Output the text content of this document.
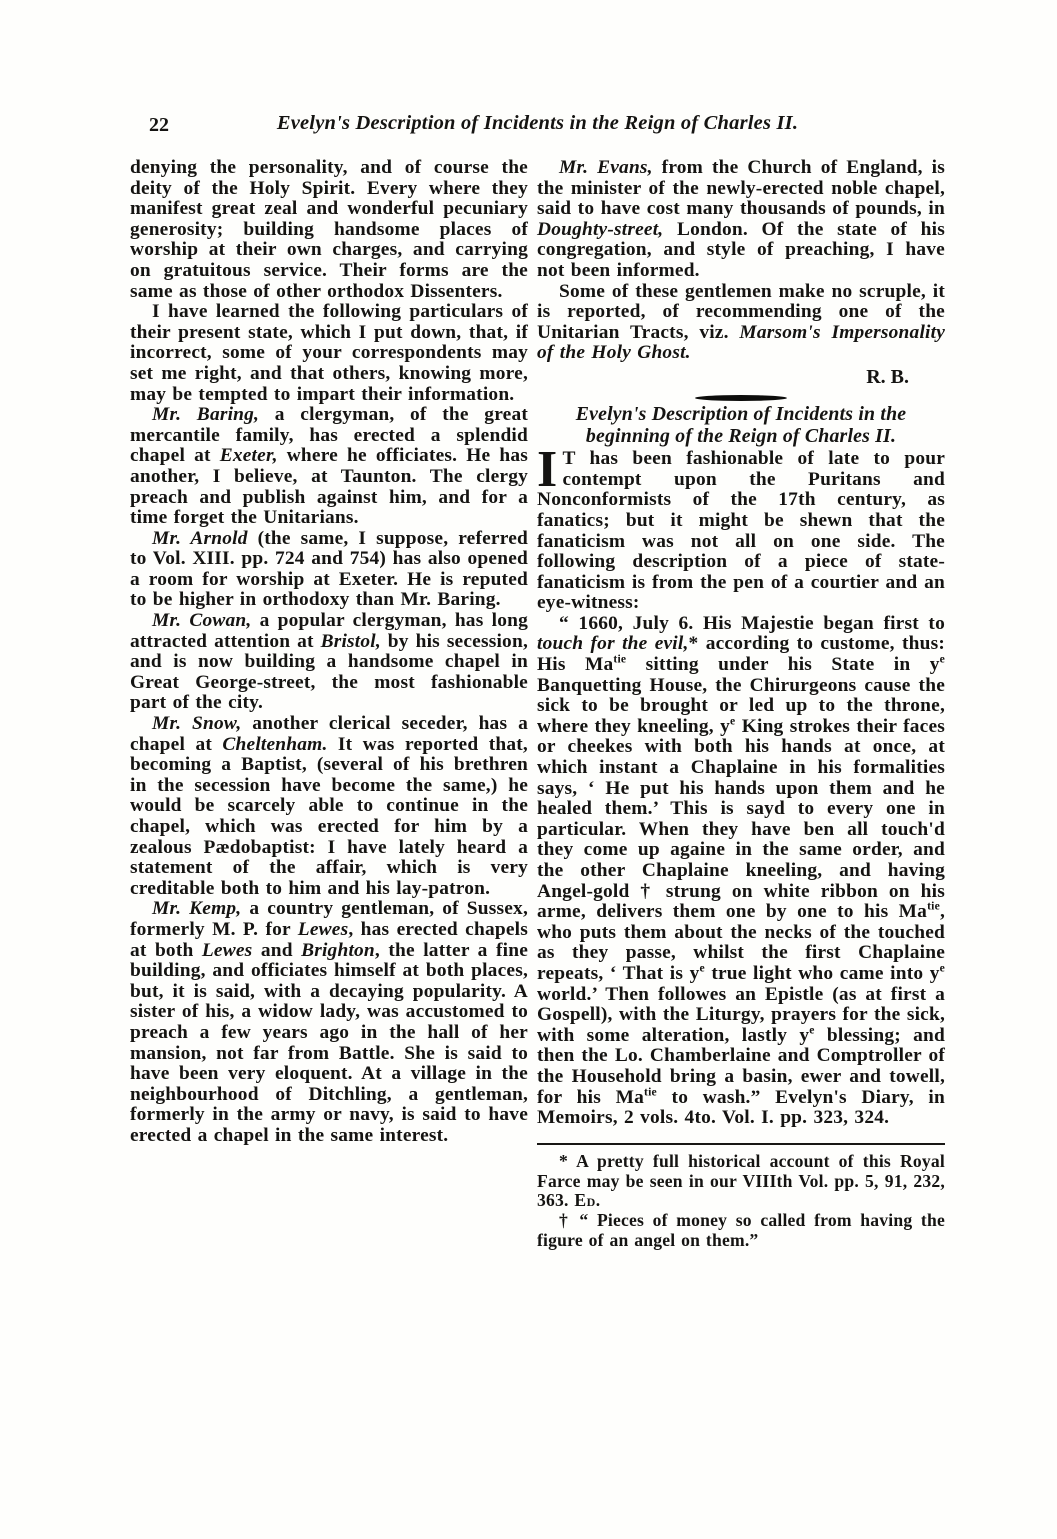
22	Evelyn's Description of Incidents in the Reign of Charles II.

denying the personality, and of course the deity of the Holy Spirit. Every where they manifest great zeal and wonderful pecuniary generosity; building handsome places of worship at their own charges, and carrying on gratuitous service. Their forms are the same as those of other orthodox Dissenters.

I have learned the following particulars of their present state, which I put down, that, if incorrect, some of your correspondents may set me right, and that others, knowing more, may be tempted to impart their information.

Mr. Baring, a clergyman, of the great mercantile family, has erected a splendid chapel at Exeter, where he officiates. He has another, I believe, at Taunton. The clergy preach and publish against him, and for a time forget the Unitarians.

Mr. Arnold (the same, I suppose, referred to Vol. XIII. pp. 724 and 754) has also opened a room for worship at Exeter. He is reputed to be higher in orthodoxy than Mr. Baring.

Mr. Cowan, a popular clergyman, has long attracted attention at Bristol, by his secession, and is now building a handsome chapel in Great George-street, the most fashionable part of the city.

Mr. Snow, another clerical seceder, has a chapel at Cheltenham. It was reported that, becoming a Baptist, (several of his brethren in the secession have become the same,) he would be scarcely able to continue in the chapel, which was erected for him by a zealous Pædobaptist: I have lately heard a statement of the affair, which is very creditable both to him and his lay-patron.

Mr. Kemp, a country gentleman, of Sussex, formerly M. P. for Lewes, has erected chapels at both Lewes and Brighton, the latter a fine building, and officiates himself at both places, but, it is said, with a decaying popularity. A sister of his, a widow lady, was accustomed to preach a few years ago in the hall of her mansion, not far from Battle. She is said to have been very eloquent. At a village in the neighbourhood of Ditchling, a gentleman, formerly in the army or navy, is said to have erected a chapel in the same interest.

Mr. Evans, from the Church of England, is the minister of the newly-erected noble chapel, said to have cost many thousands of pounds, in Doughty-street, London. Of the state of his congregation, and style of preaching, I have not been informed.

Some of these gentlemen make no scruple, it is reported, of recommending one of the Unitarian Tracts, viz. Marsom's Impersonality of the Holy Ghost.

R. B.
Evelyn's Description of Incidents in the
beginning of the Reign of Charles II.

I T has been fashionable of late to pour contempt upon the Puritans and Nonconformists of the 17th century, as fanatics; but it might be shewn that the fanaticism was not all on one side. The following description of a piece of state-fanaticism is from the pen of a courtier and an eye-witness:

“ 1660, July 6. His Majestie began first to touch for the evil,* according to custome, thus: His $Ma^{tie}$ sitting under his State in $y^e$ Banquetting House, the Chirurgeons cause the sick to be brought or led up to the throne, where they kneeling, $y^e$ King strokes their faces or cheekes with both his hands at once, at which instant a Chaplaine in his formalities says, ‘ He put his hands upon them and he healed them.’ This is sayd to every one in particular. When they have ben all touch'd they come up againe in the same order, and the other Chaplaine kneeling, and having Angel-gold † strung on white ribbon on his arme, delivers them one by one to his $Ma^{tie}$, who puts them about the necks of the touched as they passe, whilst the first Chaplaine repeats, ‘ That is $y^e$ true light who came into $y^e$ world.’ Then followes an Epistle (as at first a Gospell), with the Liturgy, prayers for the sick, with some alteration, lastly $y^e$ blessing; and then the Lo. Chamberlaine and Comptroller of the Household bring a basin, ewer and towell, for his $Ma^{tie}$ to wash.” Evelyn's Diary, in Memoirs, 2 vols. 4to. Vol. I. pp. 323, 324.

* A pretty full historical account of this Royal Farce may be seen in our VIIIth Vol. pp. 5, 91, 232, 363. Ed.

† “ Pieces of money so called from having the figure of an angel on them.”
